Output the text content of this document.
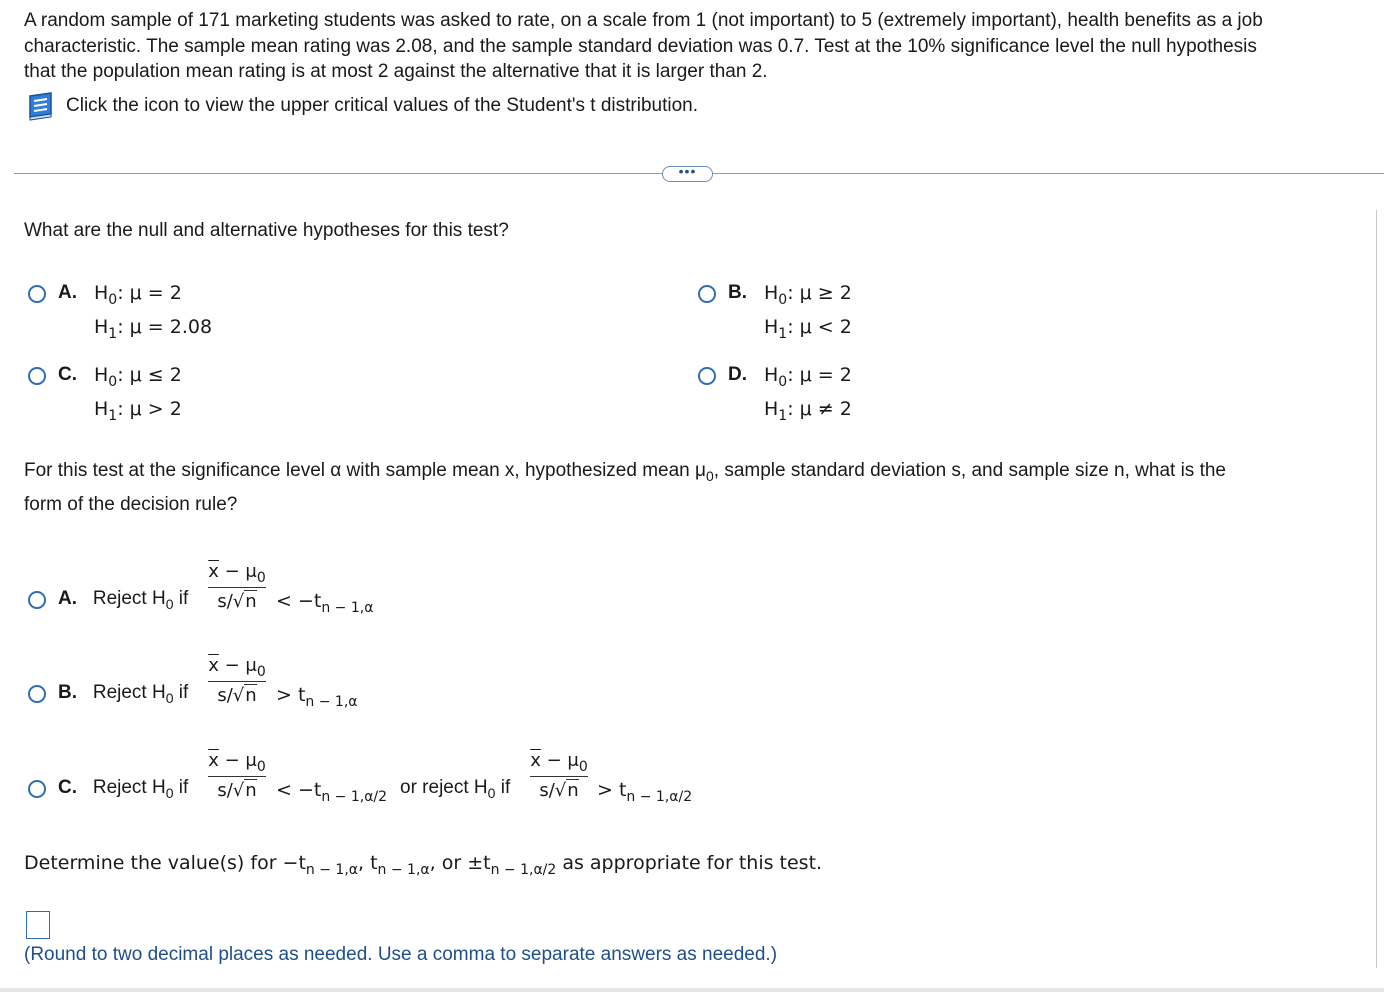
A random sample of 171 marketing students was asked to rate, on a scale from 1 (not important) to 5 (extremely important), health benefits as a job
characteristic. The sample mean rating was 2.08, and the sample standard deviation was 0.7. Test at the 10% significance level the null hypothesis
that the population mean rating is at most 2 against the alternative that it is larger than 2.
Click the icon to view the upper critical values of the Student's t distribution.
•••
What are the null and alternative hypotheses for this test?
A. $H_0$: μ = 2
$H_1$: μ = 2.08
B. $H_0$: μ ≥ 2
$H_1$: μ < 2
C. $H_0$: μ ≤ 2
$H_1$: μ > 2
D. $H_0$: μ = 2
$H_1$: μ ≠ 2
For this test at the significance level α with sample mean x, hypothesized mean $\mu_0$, sample standard deviation s, and sample size n, what is the
form of the decision rule?
A. Reject $H_0$ if
$\overline{x} - \mu_0$
s/√n	< $-t_{n - 1,\alpha}$
B. Reject $H_0$ if
$\overline{x} - \mu_0$
s/√n	> $t_{n - 1,\alpha}$
C. Reject $H_0$ if
$\overline{x} - \mu_0$
s/√n	< $-t_{n - 1,\alpha/2}$ or reject $H_0$ if
$\overline{x} - \mu_0$
$s/√n > t_{n - 1,\alpha/2}$
Determine the value(s) for $-t_{n - 1,\alpha}$, $t_{n - 1,\alpha}$, or $\pm t_{n - 1,\alpha/2}$ as appropriate for this test.
(Round to two decimal places as needed. Use a comma to separate answers as needed.)
